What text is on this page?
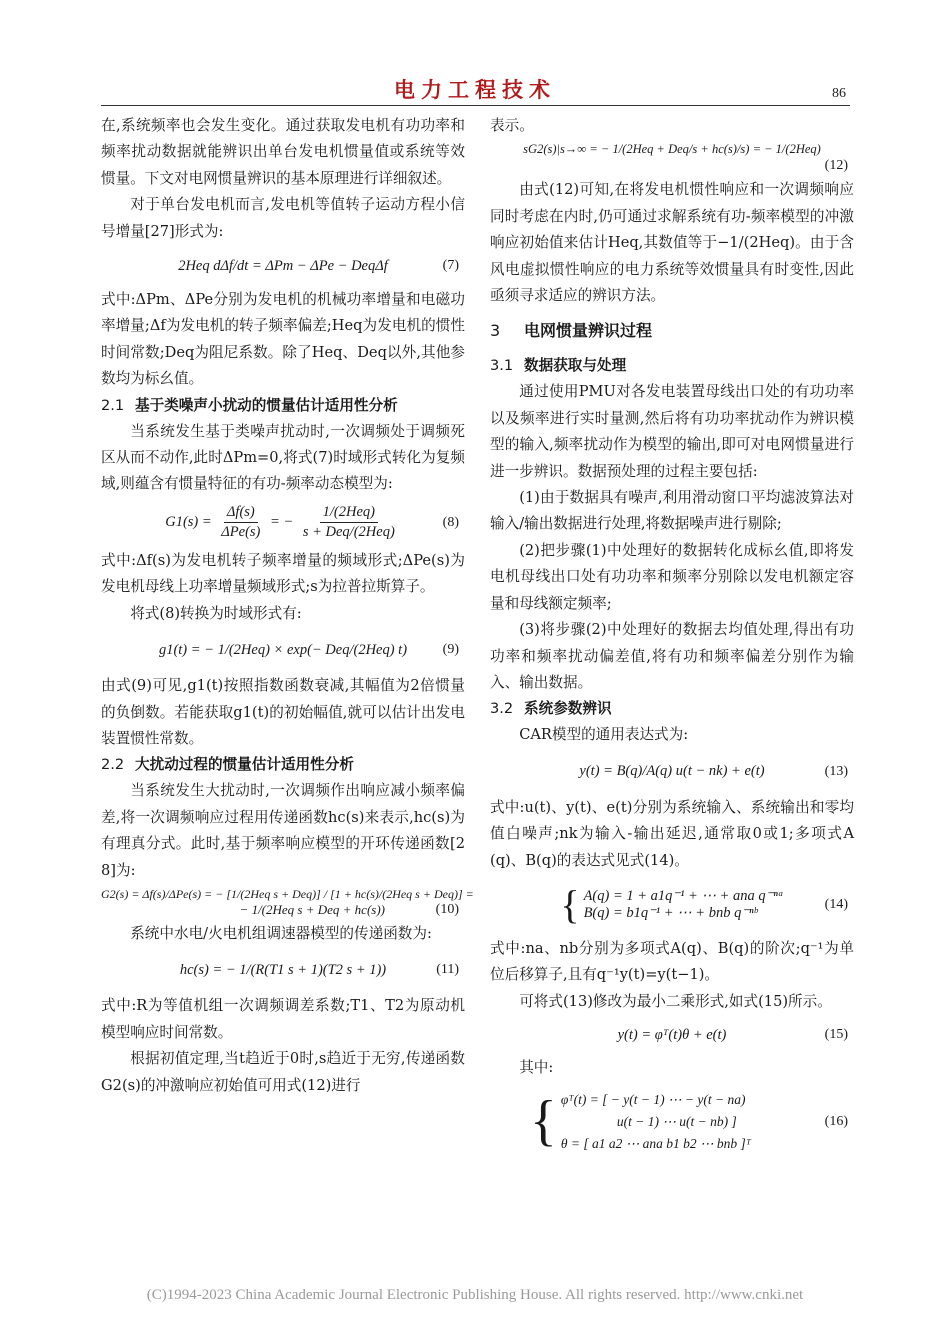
电力工程技术	86

在,系统频率也会发生变化。通过获取发电机有功功率和频率扰动数据就能辨识出单台发电机惯量值或系统等效惯量。下文对电网惯量辨识的基本原理进行详细叙述。

对于单台发电机而言,发电机等值转子运动方程小信号增量[27]形式为:

2Heq dΔf/dt = ΔPm − ΔPe − DeqΔf	(7)

式中:ΔPm、ΔPe分别为发电机的机械功率增量和电磁功率增量;Δf为发电机的转子频率偏差;Heq为发电机的惯性时间常数;Deq为阻尼系数。除了Heq、Deq以外,其他参数均为标幺值。

2.1 基于类噪声小扰动的惯量估计适用性分析

当系统发生基于类噪声扰动时,一次调频处于调频死区从而不动作,此时ΔPm=0,将式(7)时域形式转化为复频域,则蕴含有惯量特征的有功-频率动态模型为:

$G1(s) = \frac{\Delta f(s)}{\text{ΔPe(s)}}$ = − $\frac{\text{1/(2Heq)}}{\text{s + Deq/(2Heq)}}$	(8)

式中:Δf(s)为发电机转子频率增量的频域形式;ΔPe(s)为发电机母线上功率增量频域形式;s为拉普拉斯算子。

将式(8)转换为时域形式有:

g1(t) = − 1/(2Heq) × exp(− Deq/(2Heq) t)	(9)

由式(9)可见,g1(t)按照指数函数衰减,其幅值为2倍惯量的负倒数。若能获取g1(t)的初始幅值,就可以估计出发电装置惯性常数。

2.2 大扰动过程的惯量估计适用性分析

当系统发生大扰动时,一次调频作出响应减小频率偏差,将一次调频响应过程用传递函数hc(s)来表示,hc(s)为有理真分式。此时,基于频率响应模型的开环传递函数[28]为:

G2(s) = Δf(s)/ΔPe(s) = − [1/(2Heq s + Deq)] / [1 + hc(s)/(2Heq s + Deq)] =
− 1/(2Heq s + Deq + hc(s))	(10)

系统中水电/火电机组调速器模型的传递函数为:

hc(s) = − 1/(R(T1 s + 1)(T2 s + 1))	(11)

式中:R为等值机组一次调频调差系数;T1、T2为原动机模型响应时间常数。

根据初值定理,当t趋近于0时,s趋近于无穷,传递函数G2(s)的冲激响应初始值可用式(12)进行

表示。

sG2(s)|s→∞ = − 1/(2Heq + Deq/s + hc(s)/s) = − 1/(2Heq)
(12)

由式(12)可知,在将发电机惯性响应和一次调频响应同时考虑在内时,仍可通过求解系统有功-频率模型的冲激响应初始值来估计Heq,其数值等于−1/(2Heq)。由于含风电虚拟惯性响应的电力系统等效惯量具有时变性,因此亟须寻求适应的辨识方法。

3 电网惯量辨识过程
3.1 数据获取与处理

通过使用PMU对各发电装置母线出口处的有功功率以及频率进行实时量测,然后将有功功率扰动作为辨识模型的输入,频率扰动作为模型的输出,即可对电网惯量进行进一步辨识。数据预处理的过程主要包括:

(1)由于数据具有噪声,利用滑动窗口平均滤波算法对输入/输出数据进行处理,将数据噪声进行剔除;

(2)把步骤(1)中处理好的数据转化成标幺值,即将发电机母线出口处有功功率和频率分别除以发电机额定容量和母线额定频率;

(3)将步骤(2)中处理好的数据去均值处理,得出有功功率和频率扰动偏差值,将有功和频率偏差分别作为输入、输出数据。

3.2 系统参数辨识

CAR模型的通用表达式为:

y(t) = B(q)/A(q) u(t − nk) + e(t)	(13)

式中:u(t)、y(t)、e(t)分别为系统输入、系统输出和零均值白噪声;nk为输入-输出延迟,通常取0或1;多项式A(q)、B(q)的表达式见式(14)。

{ A(q) = 1 + a1q⁻¹ + ⋯ + ana q⁻ⁿᵃ
B(q) = b1q⁻¹ + ⋯ + bnb q⁻ⁿᵇ
(14)

式中:na、nb分别为多项式A(q)、B(q)的阶次;q⁻¹为单位后移算子,且有q⁻¹y(t)=y(t−1)。

可将式(13)修改为最小二乘形式,如式(15)所示。

y(t) = φᵀ(t)θ + e(t)	(15)

其中:

{ φᵀ(t) = [ − y(t − 1) ⋯ − y(t − na)
u(t − 1) ⋯ u(t − nb) ]
θ = [ a1 a2 ⋯ ana b1 b2 ⋯ bnb ]ᵀ
(16)
(C)1994-2023 China Academic Journal Electronic Publishing House. All rights reserved. http://www.cnki.net
